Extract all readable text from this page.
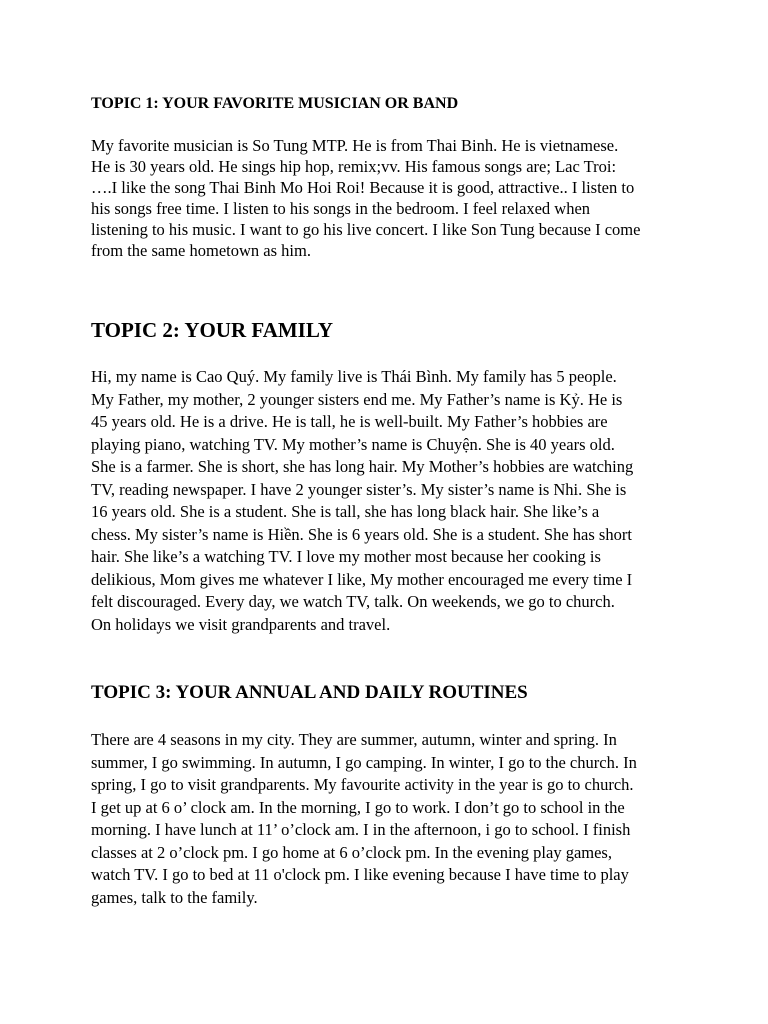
TOPIC 1: YOUR FAVORITE MUSICIAN OR BAND
My favorite musician is So Tung MTP. He is from Thai Binh. He is vietnamese.
He is 30 years old. He sings hip hop, remix;vv. His famous songs are; Lac Troi:
….I like the song Thai Binh Mo Hoi Roi! Because it is good, attractive.. I listen to
his songs free time. I listen to his songs in the bedroom. I feel relaxed when
listening to his music. I want to go his live concert. I like Son Tung because I come
from the same hometown as him.
TOPIC 2: YOUR FAMILY
Hi, my name is Cao Quý. My family live is Thái Bình. My family has 5 people.
My Father, my mother, 2 younger sisters end me. My Father’s name is Kỷ. He is
45 years old. He is a drive. He is tall, he is well-built. My Father’s hobbies are
playing piano, watching TV. My mother’s name is Chuyện. She is 40 years old.
She is a farmer. She is short, she has long hair. My Mother’s hobbies are watching
TV, reading newspaper. I have 2 younger sister’s. My sister’s name is Nhi. She is
16 years old. She is a student. She is tall, she has long black hair. She like’s a
chess. My sister’s name is Hiền. She is 6 years old. She is a student. She has short
hair. She like’s a watching TV. I love my mother most because her cooking is
delikious, Mom gives me whatever I like, My mother encouraged me every time I
felt discouraged. Every day, we watch TV, talk. On weekends, we go to church.
On holidays we visit grandparents and travel.
TOPIC 3: YOUR ANNUAL AND DAILY ROUTINES
There are 4 seasons in my city. They are summer, autumn, winter and spring. In
summer, I go swimming. In autumn, I go camping. In winter, I go to the church. In
spring, I go to visit grandparents. My favourite activity in the year is go to church.
I get up at 6 o’ clock am. In the morning, I go to work. I don’t go to school in the
morning. I have lunch at 11’ o’clock am. I in the afternoon, i go to school. I finish
classes at 2 o’clock pm. I go home at 6 o’clock pm. In the evening play games,
watch TV. I go to bed at 11 o'clock pm. I like evening because I have time to play
games, talk to the family.
